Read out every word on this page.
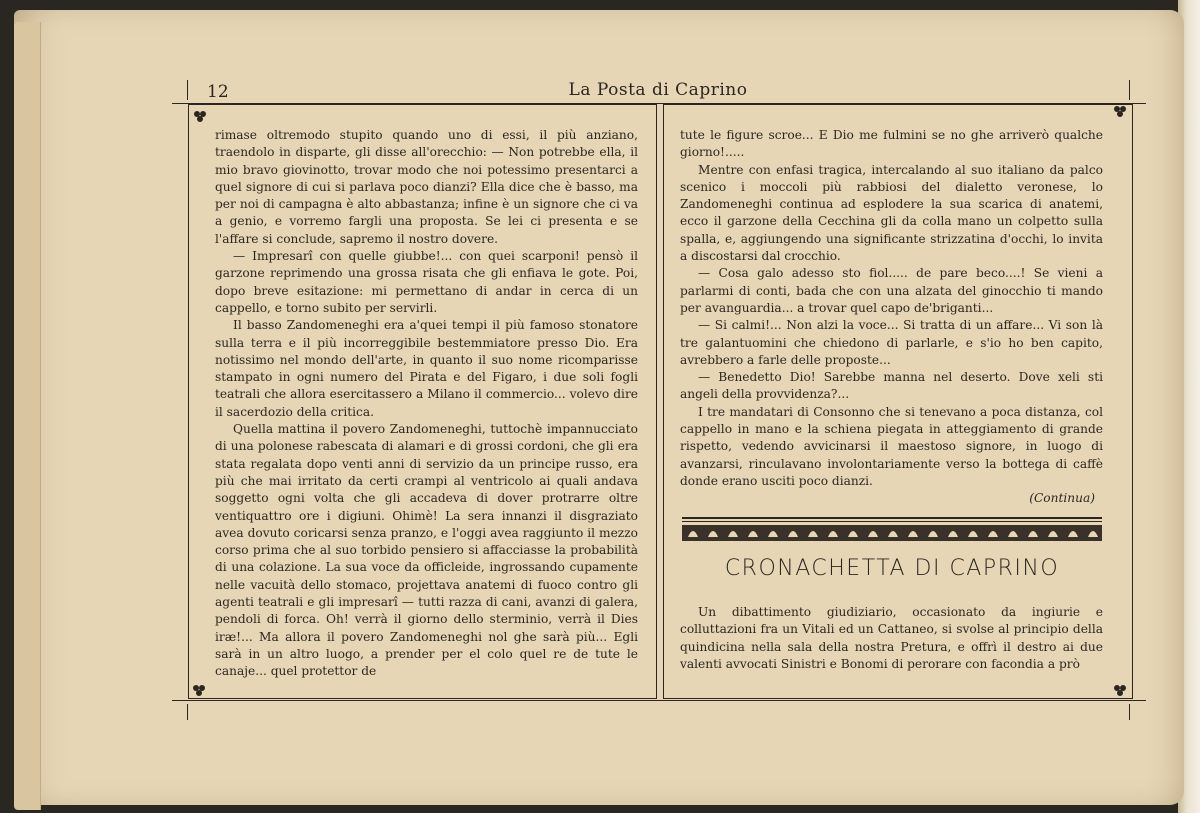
12	La Posta di Caprino

rimase oltremodo stupito quando uno di essi, il più anziano, traendolo in disparte, gli disse all'orecchio: — Non potrebbe ella, il mio bravo giovinotto, trovar modo che noi potessimo presentarci a quel signore di cui si parlava poco dianzi? Ella dice che è basso, ma per noi di campagna è alto abbastanza; infine è un signore che ci va a genio, e vorremo fargli una proposta. Se lei ci presenta e se l'affare si conclude, sapremo il nostro dovere.

— Impresarî con quelle giubbe!... con quei scarponi! pensò il garzone reprimendo una grossa risata che gli enfiava le gote. Poi, dopo breve esitazione: mi permettano di andar in cerca di un cappello, e torno subito per servirli.

Il basso Zandomeneghi era a'quei tempi il più famoso stonatore sulla terra e il più incorreggibile bestemmiatore presso Dio. Era notissimo nel mondo dell'arte, in quanto il suo nome ricomparisse stampato in ogni numero del Pirata e del Figaro, i due soli fogli teatrali che allora esercitassero a Milano il commercio... volevo dire il sacerdozio della critica.

Quella mattina il povero Zandomeneghi, tuttochè impannucciato di una polonese rabescata di alamari e di grossi cordoni, che gli era stata regalata dopo venti anni di servizio da un principe russo, era più che mai irritato da certi crampi al ventricolo ai quali andava soggetto ogni volta che gli accadeva di dover protrarre oltre ventiquattro ore i digiuni. Ohimè! La sera innanzi il disgraziato avea dovuto coricarsi senza pranzo, e l'oggi avea raggiunto il mezzo corso prima che al suo torbido pensiero si affacciasse la probabilità di una colazione. La sua voce da officleide, ingrossando cupamente nelle vacuità dello stomaco, projettava anatemi di fuoco contro gli agenti teatrali e gli impresarî — tutti razza di cani, avanzi di galera, pendoli di forca. Oh! verrà il giorno dello sterminio, verrà il Dies iræ!... Ma allora il povero Zandomeneghi nol ghe sarà più... Egli sarà in un altro luogo, a prender per el colo quel re de tute le canaje... quel protettor de

tute le figure scroe... E Dio me fulmini se no ghe arriverò qualche giorno!.....

Mentre con enfasi tragica, intercalando al suo italiano da palco scenico i moccoli più rabbiosi del dialetto veronese, lo Zandomeneghi continua ad esplodere la sua scarica di anatemi, ecco il garzone della Cecchina gli da colla mano un colpetto sulla spalla, e, aggiungendo una significante strizzatina d'occhi, lo invita a discostarsi dal crocchio.

— Cosa galo adesso sto fiol..... de pare beco....! Se vieni a parlarmi di conti, bada che con una alzata del ginocchio ti mando per avanguardia... a trovar quel capo de'briganti...

— Si calmi!... Non alzi la voce... Si tratta di un affare... Vi son là tre galantuomini che chiedono di parlarle, e s'io ho ben capito, avrebbero a farle delle proposte...

— Benedetto Dio! Sarebbe manna nel deserto. Dove xeli sti angeli della provvidenza?...

I tre mandatari di Consonno che si tenevano a poca distanza, col cappello in mano e la schiena piegata in atteggiamento di grande rispetto, vedendo avvicinarsi il maestoso signore, in luogo di avanzarsi, rinculavano involontariamente verso la bottega di caffè donde erano usciti poco dianzi.

(Continua)

CRONACHETTA DI CAPRINO

Un dibattimento giudiziario, occasionato da ingiurie e colluttazioni fra un Vitali ed un Cattaneo, si svolse al principio della quindicina nella sala della nostra Pretura, e offrì il destro ai due valenti avvocati Sinistri e Bonomi di perorare con facondia a prò
